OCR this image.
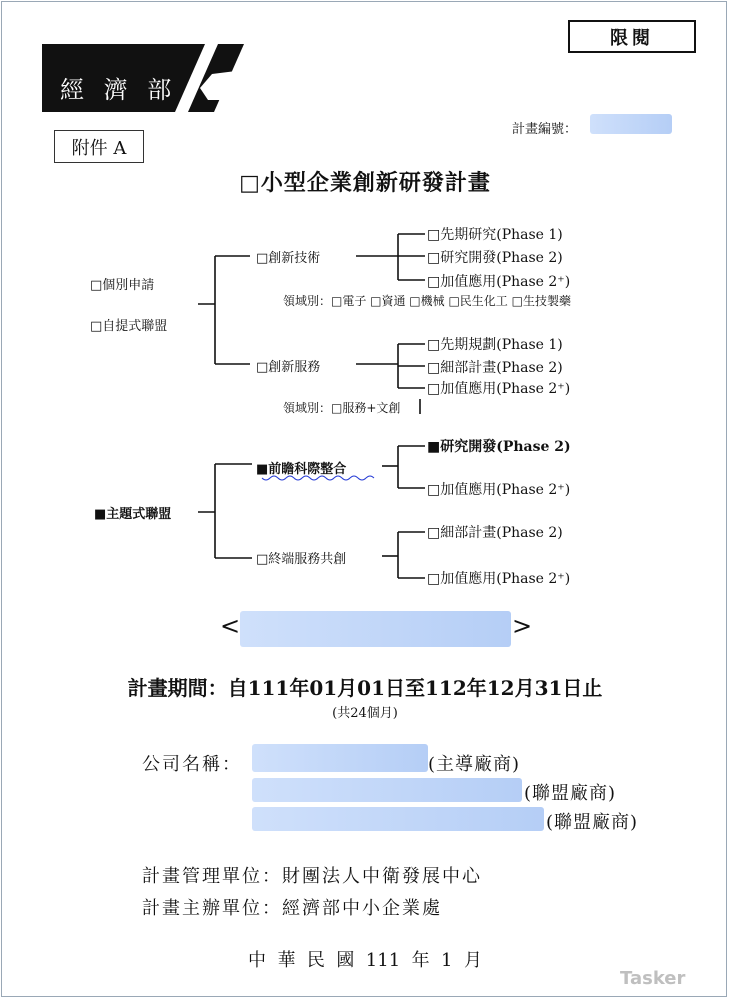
經 濟 部
限閱
附件 A
計畫編號：
□小型企業創新研發計畫
□個別申請
□自提式聯盟
■主題式聯盟
□創新技術
□先期研究(Phase 1)
□研究開發(Phase 2)
□加值應用(Phase 2⁺)
領域別：□電子 □資通 □機械 □民生化工 □生技製藥
□創新服務
□先期規劃(Phase 1)
□細部計畫(Phase 2)
□加值應用(Phase 2⁺)
領域別：□服務+文創
■前瞻科際整合
■研究開發(Phase 2)
□加值應用(Phase 2⁺)
□終端服務共創
□細部計畫(Phase 2)
□加值應用(Phase 2⁺)
<	>
計畫期間：自111年01月01日至112年12月31日止
(共24個月)
公司名稱：	(主導廠商)
(聯盟廠商)
(聯盟廠商)
計畫管理單位：財團法人中衛發展中心
計畫主辦單位：經濟部中小企業處
中  華  民  國  111  年  1  月
Tasker
